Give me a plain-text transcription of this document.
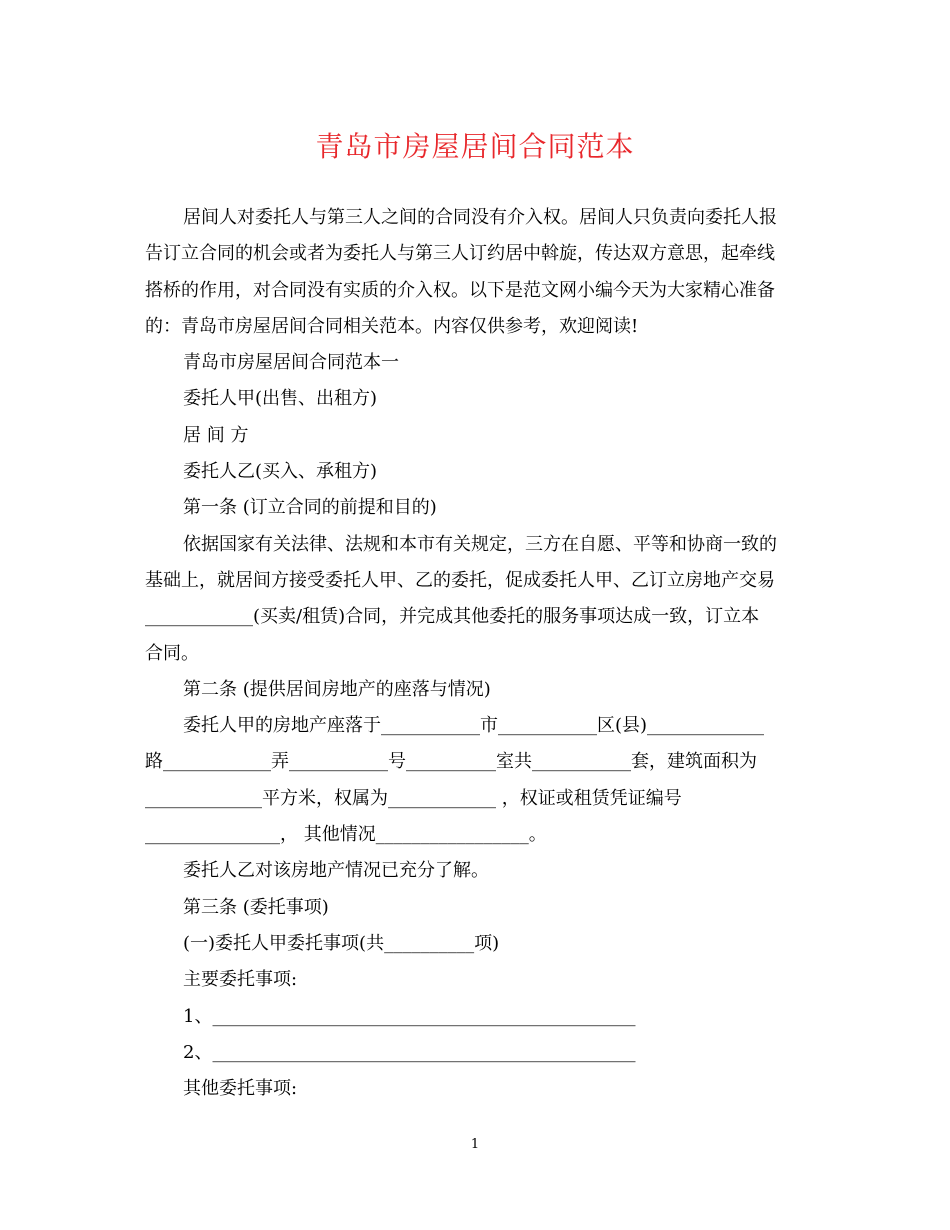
青岛市房屋居间合同范本

居间人对委托人与第三人之间的合同没有介入权。居间人只负责向委托人报

告订立合同的机会或者为委托人与第三人订约居中斡旋，传达双方意思，起牵线

搭桥的作用，对合同没有实质的介入权。以下是范文网小编今天为大家精心准备

的：青岛市房屋居间合同相关范本。内容仅供参考，欢迎阅读!

青岛市房屋居间合同范本一

委托人甲(出售、出租方)

居 间 方

委托人乙(买入、承租方)

第一条 (订立合同的前提和目的)

依据国家有关法律、法规和本市有关规定，三方在自愿、平等和协商一致的

基础上，就居间方接受委托人甲、乙的委托，促成委托人甲、乙订立房地产交易

____________(买卖/租赁)合同，并完成其他委托的服务事项达成一致，订立本

合同。

第二条 (提供居间房地产的座落与情况)

委托人甲的房地产座落于___________市___________区(县)_____________

路____________弄___________号__________室共___________套，建筑面积为

_____________平方米，权属为____________ ，权证或租赁凭证编号

_______________， 其他情况_________________。

委托人乙对该房地产情况已充分了解。

第三条 (委托事项)

(一)委托人甲委托事项(共__________项)

主要委托事项:

1、_______________________________________________

2、_______________________________________________

其他委托事项:

1
